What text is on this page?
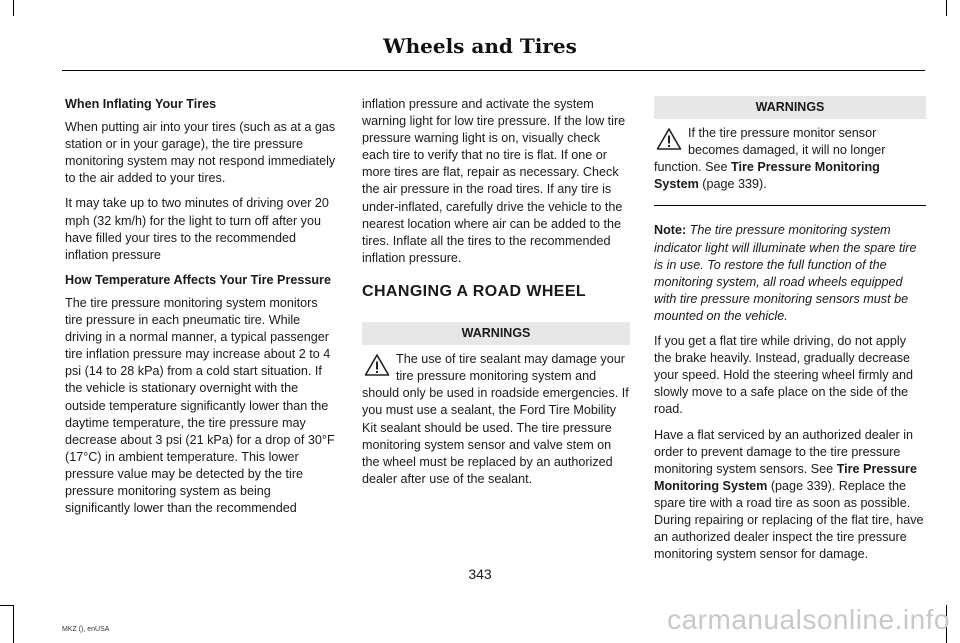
Wheels and Tires

When Inflating Your Tires

When putting air into your tires (such as at a gas station or in your garage), the tire pressure monitoring system may not respond immediately to the air added to your tires.

It may take up to two minutes of driving over 20 mph (32 km/h) for the light to turn off after you have filled your tires to the recommended inflation pressure

How Temperature Affects Your Tire Pressure

The tire pressure monitoring system monitors tire pressure in each pneumatic tire. While driving in a normal manner, a typical passenger tire inflation pressure may increase about 2 to 4 psi (14 to 28 kPa) from a cold start situation. If the vehicle is stationary overnight with the outside temperature significantly lower than the daytime temperature, the tire pressure may decrease about 3 psi (21 kPa) for a drop of 30°F (17°C) in ambient temperature. This lower pressure value may be detected by the tire pressure monitoring system as being significantly lower than the recommended

inflation pressure and activate the system warning light for low tire pressure. If the low tire pressure warning light is on, visually check each tire to verify that no tire is flat. If one or more tires are flat, repair as necessary. Check the air pressure in the road tires. If any tire is under-inflated, carefully drive the vehicle to the nearest location where air can be added to the tires. Inflate all the tires to the recommended inflation pressure.

CHANGING A ROAD WHEEL
WARNINGS

The use of tire sealant may damage your tire pressure monitoring system and should only be used in roadside emergencies. If you must use a sealant, the Ford Tire Mobility Kit sealant should be used. The tire pressure monitoring system sensor and valve stem on the wheel must be replaced by an authorized dealer after use of the sealant.

WARNINGS

If the tire pressure monitor sensor becomes damaged, it will no longer function. See Tire Pressure Monitoring System (page 339).

Note: The tire pressure monitoring system indicator light will illuminate when the spare tire is in use. To restore the full function of the monitoring system, all road wheels equipped with tire pressure monitoring sensors must be mounted on the vehicle.

If you get a flat tire while driving, do not apply the brake heavily. Instead, gradually decrease your speed. Hold the steering wheel firmly and slowly move to a safe place on the side of the road.

Have a flat serviced by an authorized dealer in order to prevent damage to the tire pressure monitoring system sensors. See Tire Pressure Monitoring System (page 339). Replace the spare tire with a road tire as soon as possible. During repairing or replacing of the flat tire, have an authorized dealer inspect the tire pressure monitoring system sensor for damage.

343
MKZ (), enUSA	carmanualsonline.info
